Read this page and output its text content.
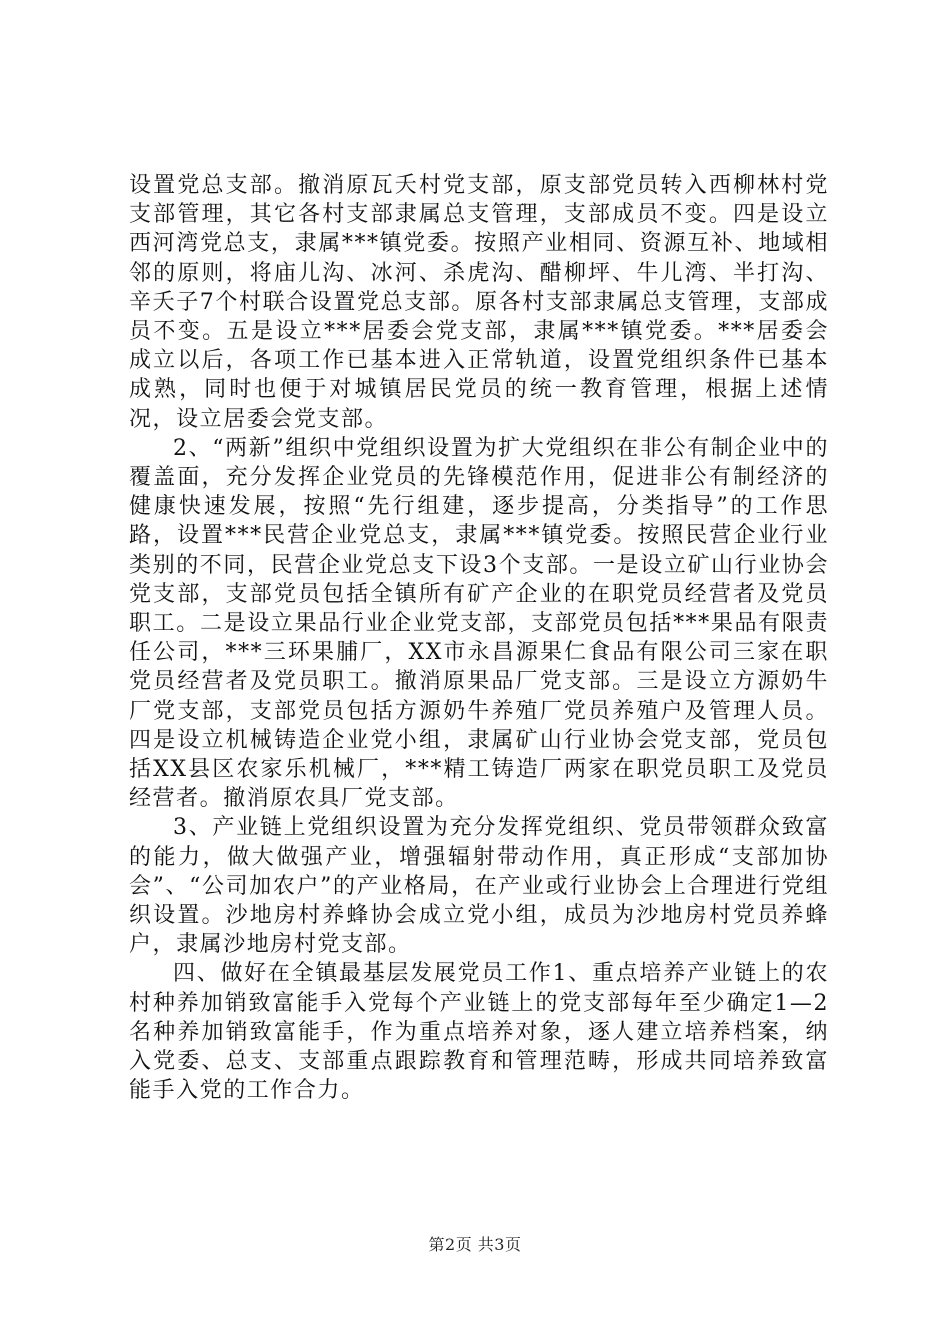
设置党总支部。撤消原瓦夭村党支部，原支部党员转入西柳林村党支部管理，其它各村支部隶属总支管理，支部成员不变。四是设立西河湾党总支，隶属***镇党委。按照产业相同、资源互补、地域相邻的原则，将庙儿沟、冰河、杀虎沟、醋柳坪、牛儿湾、半打沟、辛夭子7个村联合设置党总支部。原各村支部隶属总支管理，支部成员不变。五是设立***居委会党支部，隶属***镇党委。***居委会成立以后，各项工作已基本进入正常轨道，设置党组织条件已基本成熟，同时也便于对城镇居民党员的统一教育管理，根据上述情况，设立居委会党支部。

2、“两新”组织中党组织设置为扩大党组织在非公有制企业中的覆盖面，充分发挥企业党员的先锋模范作用，促进非公有制经济的健康快速发展，按照“先行组建，逐步提高，分类指导”的工作思路，设置***民营企业党总支，隶属***镇党委。按照民营企业行业类别的不同，民营企业党总支下设3个支部。一是设立矿山行业协会党支部，支部党员包括全镇所有矿产企业的在职党员经营者及党员职工。二是设立果品行业企业党支部，支部党员包括***果品有限责任公司，***三环果脯厂，XX市永昌源果仁食品有限公司三家在职党员经营者及党员职工。撤消原果品厂党支部。三是设立方源奶牛厂党支部，支部党员包括方源奶牛养殖厂党员养殖户及管理人员。四是设立机械铸造企业党小组，隶属矿山行业协会党支部，党员包括XX县区农家乐机械厂，***精工铸造厂两家在职党员职工及党员经营者。撤消原农具厂党支部。

3、产业链上党组织设置为充分发挥党组织、党员带领群众致富的能力，做大做强产业，增强辐射带动作用，真正形成“支部加协会”、“公司加农户”的产业格局，在产业或行业协会上合理进行党组织设置。沙地房村养蜂协会成立党小组，成员为沙地房村党员养蜂户，隶属沙地房村党支部。

四、做好在全镇最基层发展党员工作1、重点培养产业链上的农村种养加销致富能手入党每个产业链上的党支部每年至少确定1—2名种养加销致富能手，作为重点培养对象，逐人建立培养档案，纳入党委、总支、支部重点跟踪教育和管理范畴，形成共同培养致富能手入党的工作合力。

第2页 共3页
